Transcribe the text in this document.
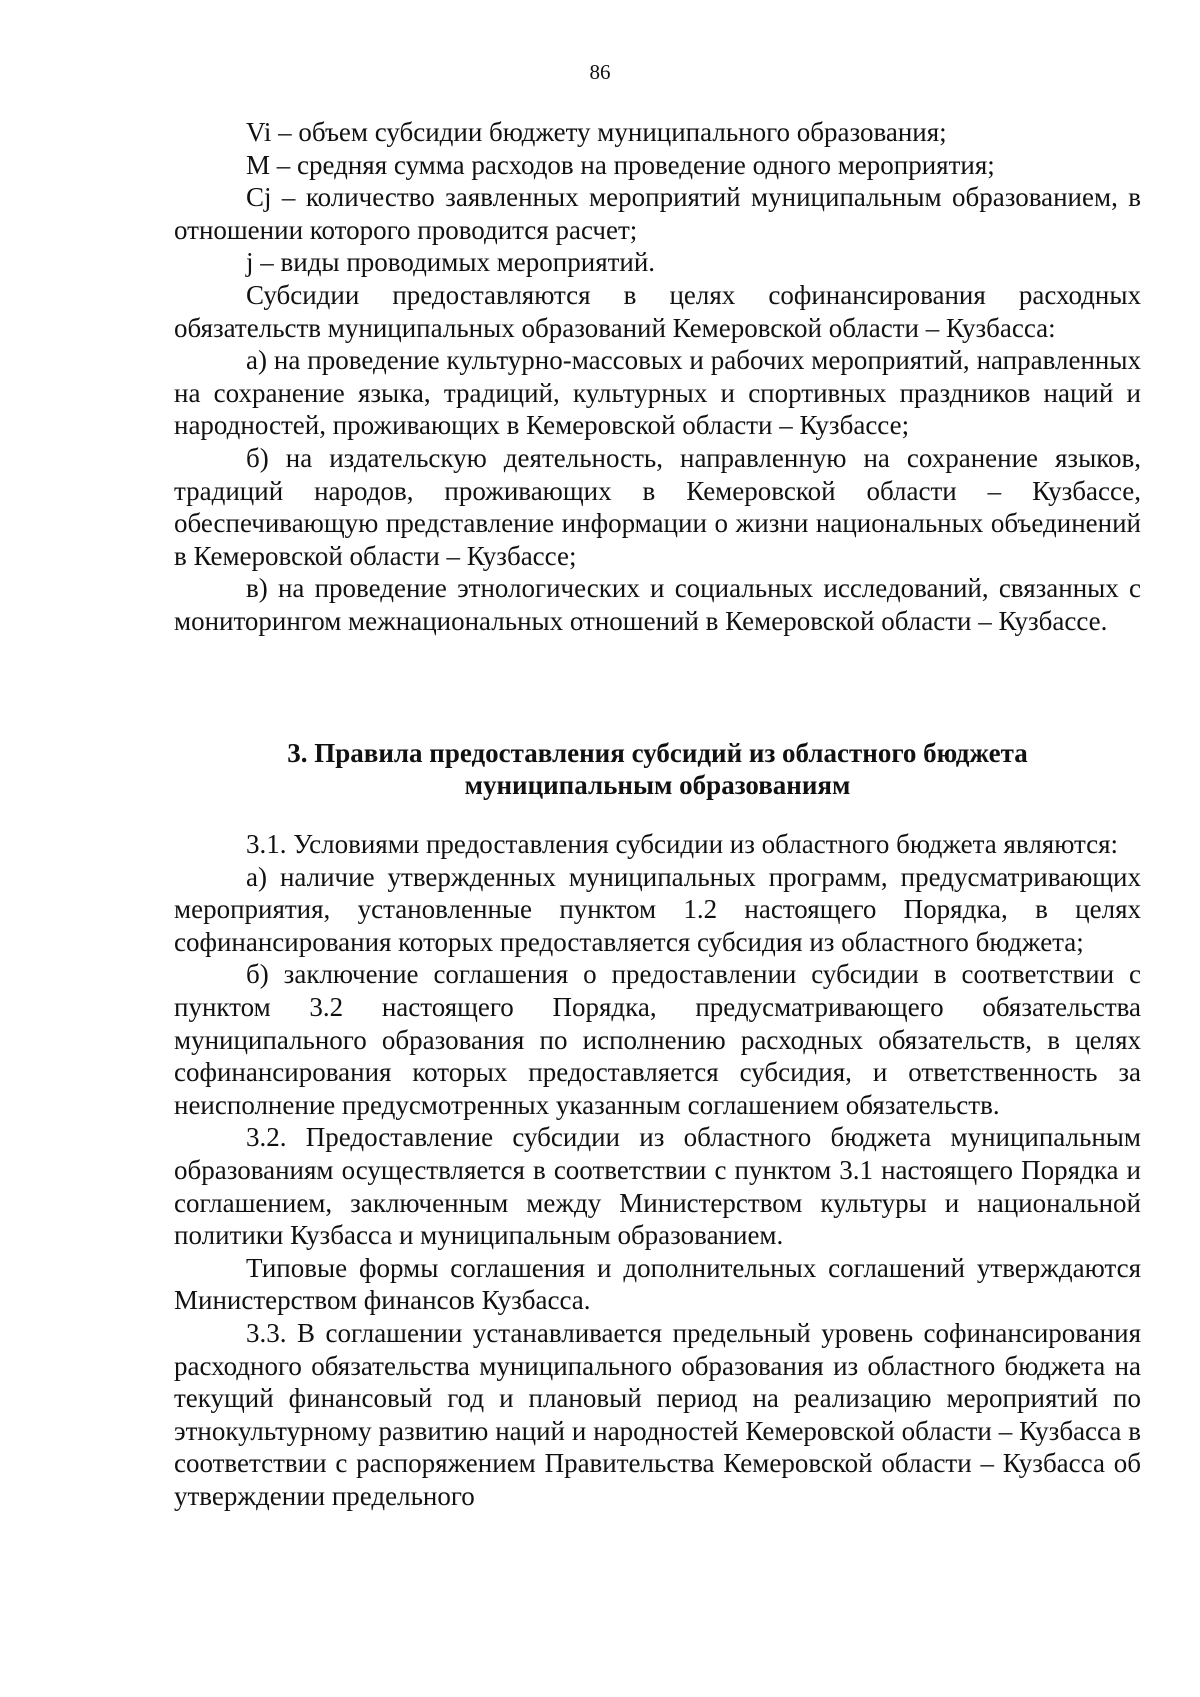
86

Vi – объем субсидии бюджету муниципального образования;

M – средняя сумма расходов на проведение одного мероприятия;

Cj – количество заявленных мероприятий муниципальным образованием, в отношении которого проводится расчет;

j – виды проводимых мероприятий.

Субсидии предоставляются в целях софинансирования расходных обязательств муниципальных образований Кемеровской области – Кузбасса:

а) на проведение культурно-массовых и рабочих мероприятий, направленных на сохранение языка, традиций, культурных и спортивных праздников наций и народностей, проживающих в Кемеровской области – Кузбассе;

б) на издательскую деятельность, направленную на сохранение языков, традиций народов, проживающих в Кемеровской области – Кузбассе, обеспечивающую представление информации о жизни национальных объединений в Кемеровской области – Кузбассе;

в) на проведение этнологических и социальных исследований, связанных с мониторингом межнациональных отношений в Кемеровской области – Кузбассе.

3. Правила предоставления субсидий из областного бюджета
муниципальным образованиям

3.1. Условиями предоставления субсидии из областного бюджета являются:

а) наличие утвержденных муниципальных программ, предусматривающих мероприятия, установленные пунктом 1.2 настоящего Порядка, в целях софинансирования которых предоставляется субсидия из областного бюджета;

б) заключение соглашения о предоставлении субсидии в соответствии с пунктом 3.2 настоящего Порядка, предусматривающего обязательства муниципального образования по исполнению расходных обязательств, в целях софинансирования которых предоставляется субсидия, и ответственность за неисполнение предусмотренных указанным соглашением обязательств.

3.2. Предоставление субсидии из областного бюджета муниципальным образованиям осуществляется в соответствии с пунктом 3.1 настоящего Порядка и соглашением, заключенным между Министерством культуры и национальной политики Кузбасса и муниципальным образованием.

Типовые формы соглашения и дополнительных соглашений утверждаются Министерством финансов Кузбасса.

3.3. В соглашении устанавливается предельный уровень софинансирования расходного обязательства муниципального образования из областного бюджета на текущий финансовый год и плановый период на реализацию мероприятий по этнокультурному развитию наций и народностей Кемеровской области – Кузбасса в соответствии с распоряжением Правительства Кемеровской области – Кузбасса об утверждении предельного
